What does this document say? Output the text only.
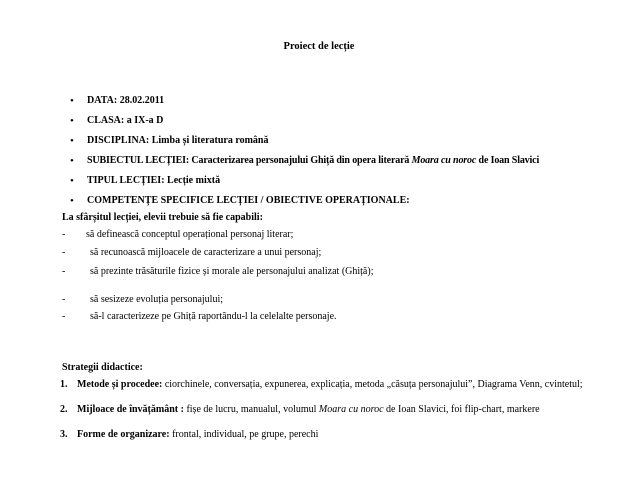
Proiect de lecție
• DATA: 28.02.2011
• CLASA: a IX-a D
• DISCIPLINA: Limba și literatura română
• SUBIECTUL LECȚIEI: Caracterizarea personajului Ghiță din opera literară Moara cu noroc de Ioan Slavici
• TIPUL LECȚIEI: Lecție mixtă
• COMPETENȚE SPECIFICE LECȚIEI / OBIECTIVE OPERAȚIONALE:
La sfârșitul lecției, elevii trebuie să fie capabili:
- să definească conceptul operațional personaj literar;
- să recunoască mijloacele de caracterizare a unui personaj;
- să prezinte trăsăturile fizice și morale ale personajului analizat (Ghiță);
- să sesizeze evoluția personajului;
- să-l caracterizeze pe Ghiță raportându-l la celelalte personaje.
Strategii didactice:
1. Metode și procedee: ciorchinele, conversația, expunerea, explicația, metoda „căsuța personajului”, Diagrama Venn, cvintetul;
2. Mijloace de învățământ : fișe de lucru, manualul, volumul Moara cu noroc de Ioan Slavici, foi flip-chart, markere
3. Forme de organizare: frontal, individual, pe grupe, perechi
